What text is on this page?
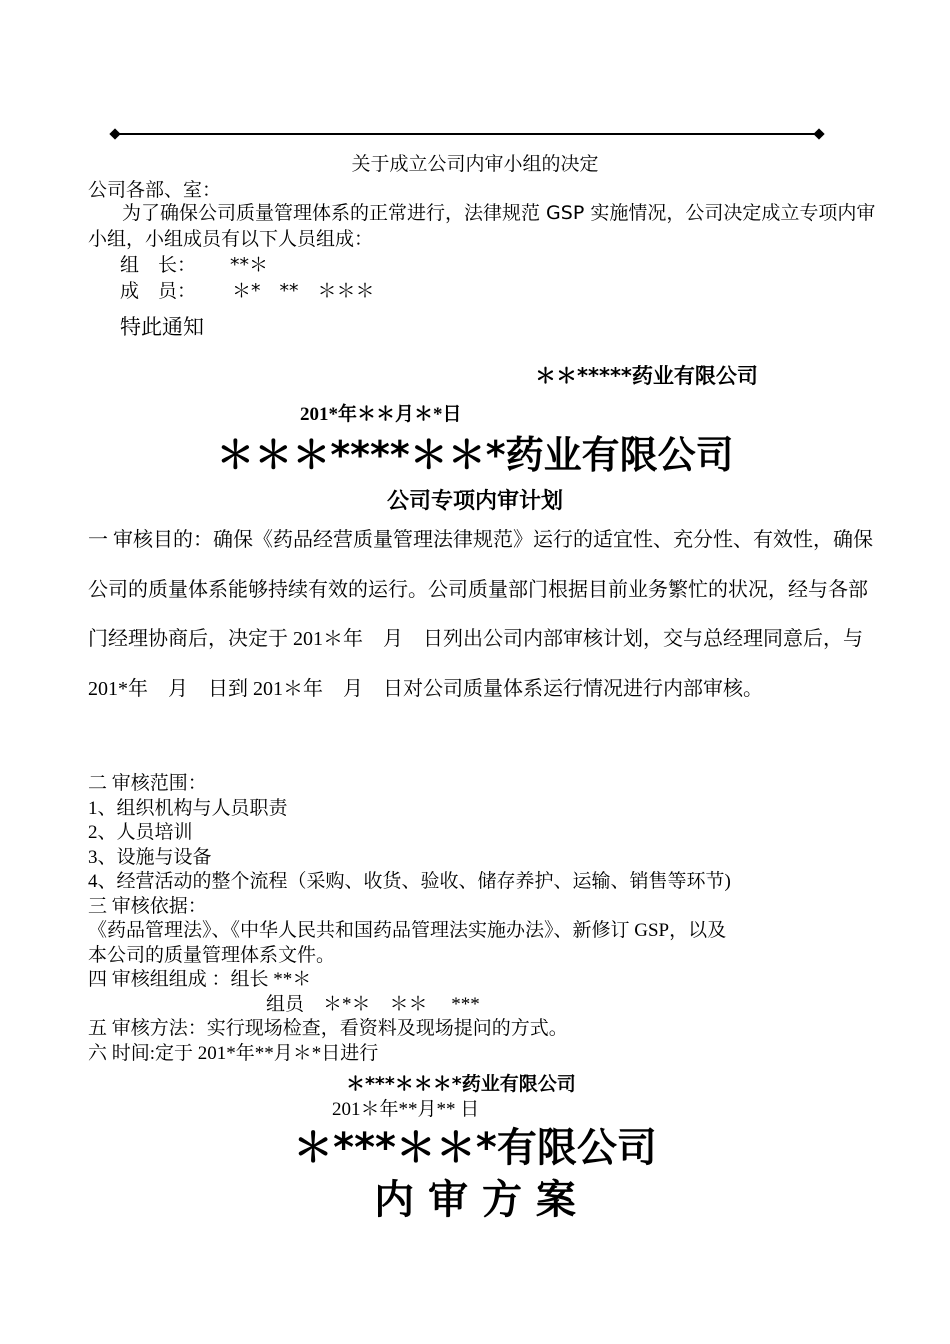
关于成立公司内审小组的决定
公司各部、室：
为了确保公司质量管理体系的正常进行，法律规范 GSP 实施情况，公司决定成立专项内审小组，小组成员有以下人员组成：
组　长： **＊
成　员： ＊*　**　＊＊＊
特此通知
＊＊*****药业有限公司
201*年＊＊月＊*日
＊＊＊****＊＊*药业有限公司
公司专项内审计划
一 审核目的：确保《药品经营质量管理法律规范》运行的适宜性、充分性、有效性，确保公司的质量体系能够持续有效的运行。公司质量部门根据目前业务繁忙的状况，经与各部门经理协商后，决定于 201＊年　月　日列出公司内部审核计划，交与总经理同意后，与 201*年　月　日到 201＊年　月　日对公司质量体系运行情况进行内部审核。
二 审核范围：
1、组织机构与人员职责
2、人员培训
3、设施与设备
4、经营活动的整个流程（采购、收货、验收、储存养护、运输、销售等环节)
三 审核依据：
《药品管理法》、《中华人民共和国药品管理法实施办法》、新修订 GSP，以及
本公司的质量管理体系文件。
四 审核组组成 ：组长 **＊
组员　＊*＊　＊＊　 ***
五 审核方法：实行现场检查，看资料及现场提问的方式。
六 时间:定于 201*年**月＊*日进行
＊***＊＊＊*药业有限公司
201＊年**月** 日
＊***＊＊*有限公司
内 审 方 案
